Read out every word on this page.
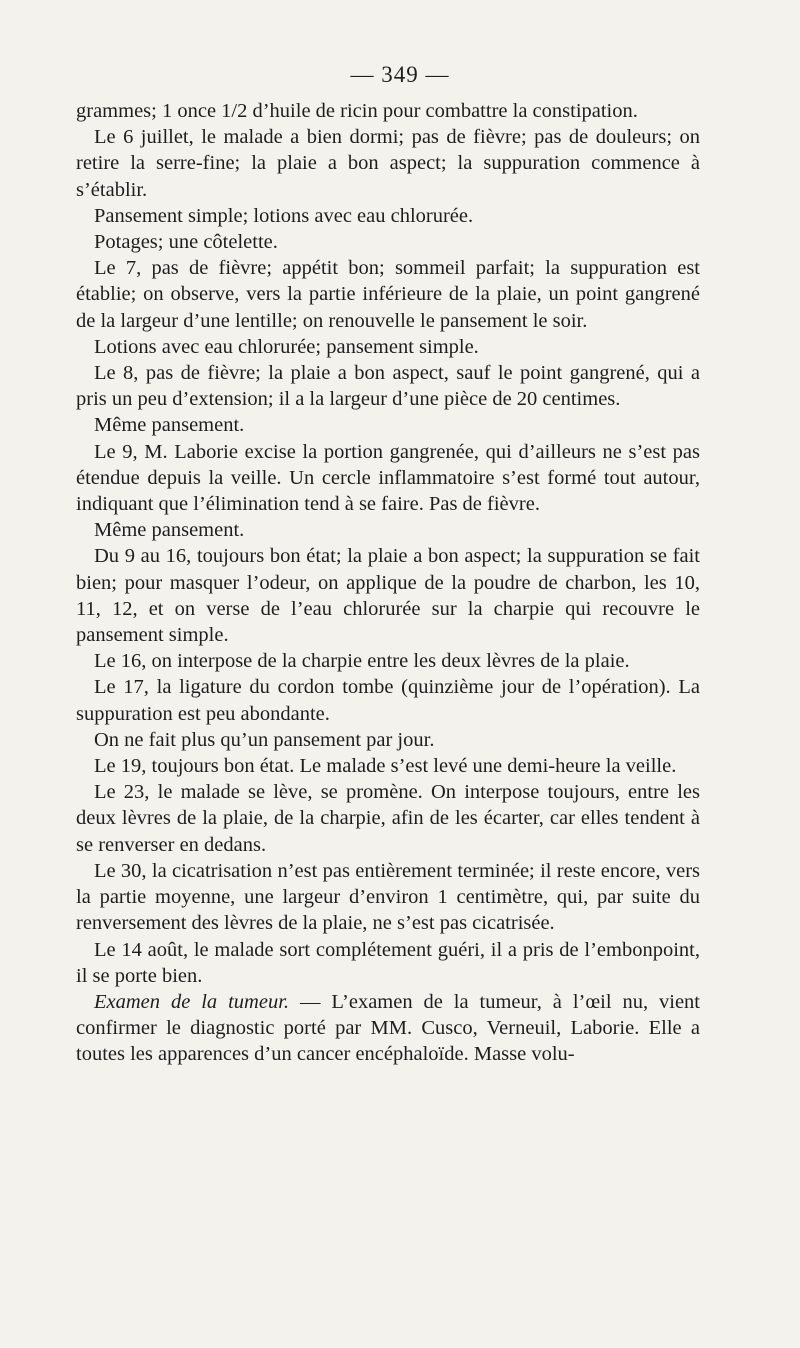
— 349 —

grammes; 1 once 1/2 d’huile de ricin pour combattre la constipation.

Le 6 juillet, le malade a bien dormi; pas de fièvre; pas de douleurs; on retire la serre-fine; la plaie a bon aspect; la suppuration commence à s’établir.

Pansement simple; lotions avec eau chlorurée.

Potages; une côtelette.

Le 7, pas de fièvre; appétit bon; sommeil parfait; la suppuration est établie; on observe, vers la partie inférieure de la plaie, un point gangrené de la largeur d’une lentille; on renouvelle le pansement le soir.

Lotions avec eau chlorurée; pansement simple.

Le 8, pas de fièvre; la plaie a bon aspect, sauf le point gangrené, qui a pris un peu d’extension; il a la largeur d’une pièce de 20 centimes.

Même pansement.

Le 9, M. Laborie excise la portion gangrenée, qui d’ailleurs ne s’est pas étendue depuis la veille. Un cercle inflammatoire s’est formé tout autour, indiquant que l’élimination tend à se faire. Pas de fièvre.

Même pansement.

Du 9 au 16, toujours bon état; la plaie a bon aspect; la suppuration se fait bien; pour masquer l’odeur, on applique de la poudre de charbon, les 10, 11, 12, et on verse de l’eau chlorurée sur la charpie qui recouvre le pansement simple.

Le 16, on interpose de la charpie entre les deux lèvres de la plaie.

Le 17, la ligature du cordon tombe (quinzième jour de l’opération). La suppuration est peu abondante.

On ne fait plus qu’un pansement par jour.

Le 19, toujours bon état. Le malade s’est levé une demi-heure la veille.

Le 23, le malade se lève, se promène. On interpose toujours, entre les deux lèvres de la plaie, de la charpie, afin de les écarter, car elles tendent à se renverser en dedans.

Le 30, la cicatrisation n’est pas entièrement terminée; il reste encore, vers la partie moyenne, une largeur d’environ 1 centimètre, qui, par suite du renversement des lèvres de la plaie, ne s’est pas cicatrisée.

Le 14 août, le malade sort complétement guéri, il a pris de l’embonpoint, il se porte bien.

Examen de la tumeur. — L’examen de la tumeur, à l’œil nu, vient confirmer le diagnostic porté par MM. Cusco, Verneuil, Laborie. Elle a toutes les apparences d’un cancer encéphaloïde. Masse volu-
